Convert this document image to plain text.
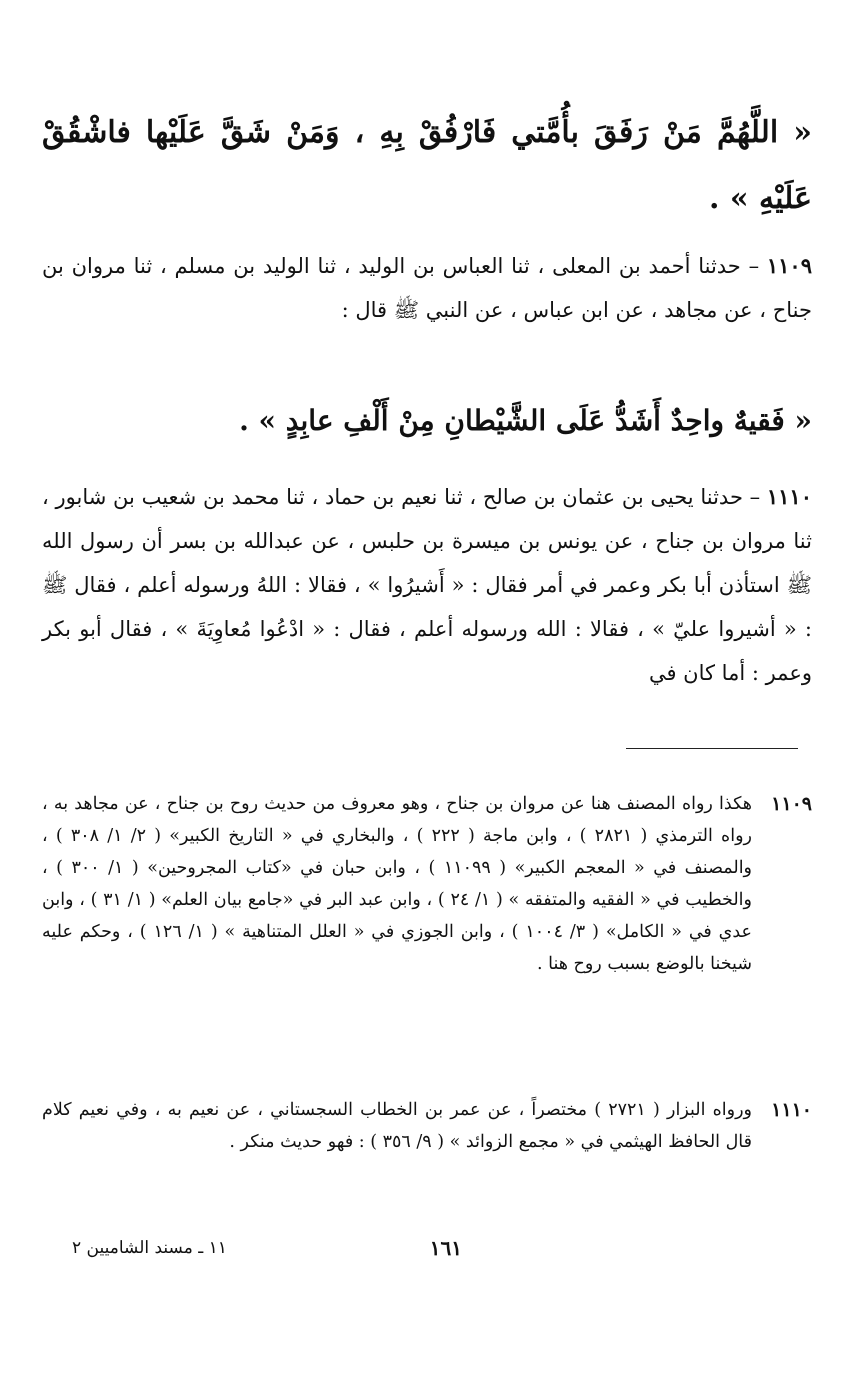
« اللَّهُمَّ مَنْ رَفَقَ بأُمَّتي فَارْفُقْ بِهِ ، وَمَنْ شَقَّ عَلَيْها فاشْقُقْ عَلَيْهِ » .
١١٠٩ – حدثنا أحمد بن المعلى ، ثنا العباس بن الوليد ، ثنا الوليد بن مسلم ، ثنا مروان بن جناح ، عن مجاهد ، عن ابن عباس ، عن النبي ﷺ قال :
« فَقيهٌ واحِدٌ أَشَدُّ عَلَى الشَّيْطانِ مِنْ أَلْفِ عابِدٍ » .
١١١٠ – حدثنا يحيى بن عثمان بن صالح ، ثنا نعيم بن حماد ، ثنا محمد بن شعيب بن شابور ، ثنا مروان بن جناح ، عن يونس بن ميسرة بن حلبس ، عن عبدالله بن بسر أن رسول الله ﷺ استأذن أبا بكر وعمر في أمر فقال : « أَشيرُوا » ، فقالا : اللهُ ورسوله أعلم ، فقال ﷺ : « أشيروا عليّ » ، فقالا : الله ورسوله أعلم ، فقال : « ادْعُوا مُعاوِيَةَ » ، فقال أبو بكر وعمر : أما كان في
١١٠٩
هكذا رواه المصنف هنا عن مروان بن جناح ، وهو معروف من حديث روح بن جناح ، عن مجاهد به ، رواه الترمذي ( ٢٨٢١ ) ، وابن ماجة ( ٢٢٢ ) ، والبخاري في « التاريخ الكبير» ( ٢/ ١/ ٣٠٨ ) ، والمصنف في « المعجم الكبير» ( ١١٠٩٩ ) ، وابن حبان في «كتاب المجروحين» ( ١/ ٣٠٠ ) ، والخطيب في « الفقيه والمتفقه » ( ١/ ٢٤ ) ، وابن عبد البر في «جامع بيان العلم» ( ١/ ٣١ ) ، وابن عدي في « الكامل» ( ٣/ ١٠٠٤ ) ، وابن الجوزي في « العلل المتناهية » ( ١/ ١٢٦ ) ، وحكم عليه شيخنا بالوضع بسبب روح هنا .
١١١٠
ورواه البزار ( ٢٧٢١ ) مختصراً ، عن عمر بن الخطاب السجستاني ، عن نعيم به ، وفي نعيم كلام قال الحافظ الهيثمي في « مجمع الزوائد » ( ٩/ ٣٥٦ ) : فهو حديث منكر .
١٦١
١١ ـ مسند الشاميين ٢
